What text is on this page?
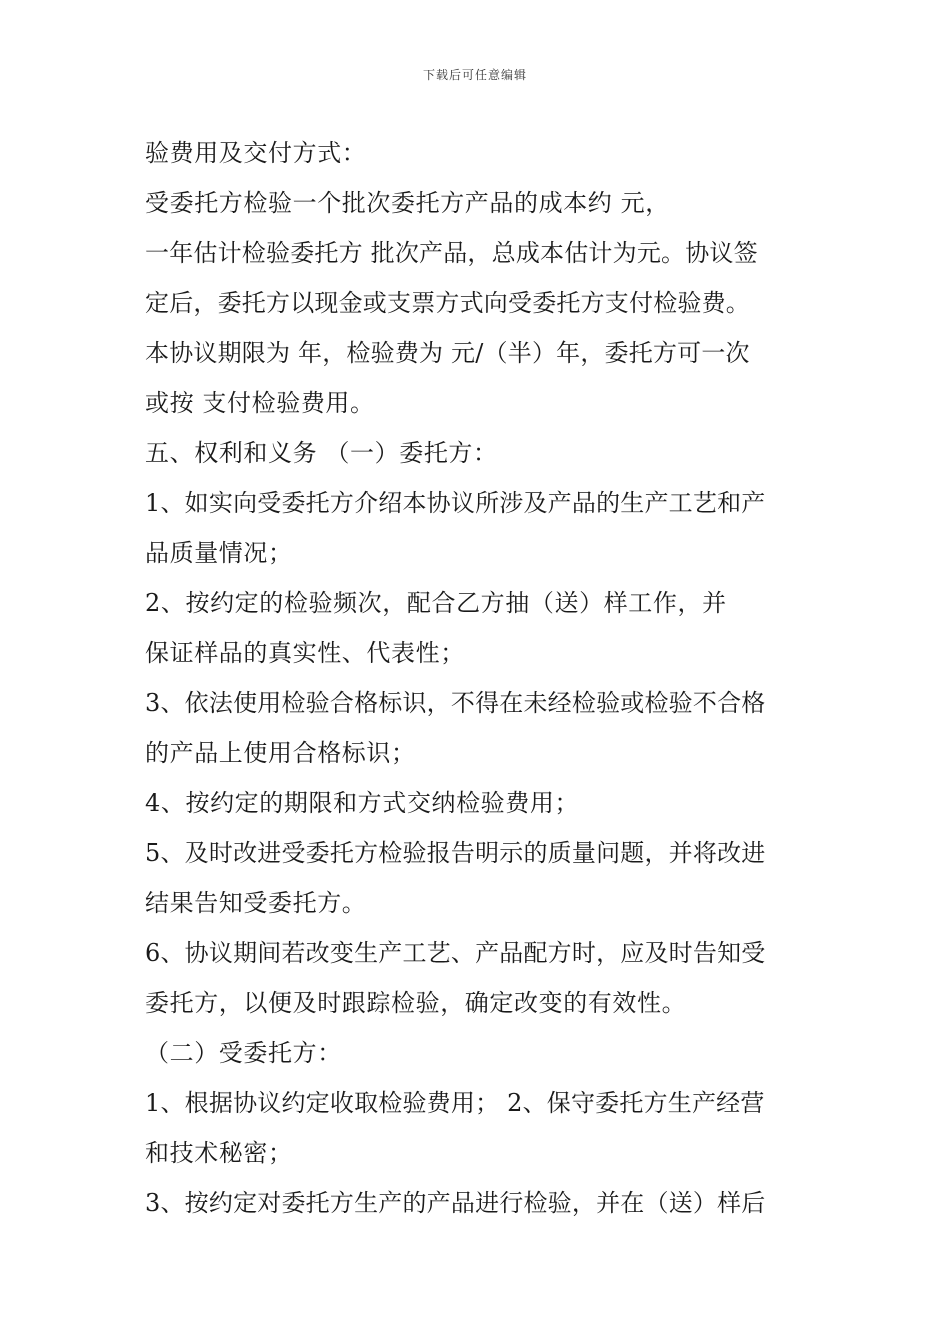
下载后可任意编辑
验费用及交付方式：
受委托方检验一个批次委托方产品的成本约 元，
一年估计检验委托方 批次产品，总成本估计为元。协议签
定后，委托方以现金或支票方式向受委托方支付检验费。
本协议期限为 年，检验费为 元/（半）年，委托方可一次
或按 支付检验费用。
五、权利和义务 （一）委托方：
1、如实向受委托方介绍本协议所涉及产品的生产工艺和产
品质量情况；
2、按约定的检验频次，配合乙方抽（送）样工作，并
保证样品的真实性、代表性；
3、依法使用检验合格标识，不得在未经检验或检验不合格
的产品上使用合格标识；
4、按约定的期限和方式交纳检验费用；
5、及时改进受委托方检验报告明示的质量问题，并将改进
结果告知受委托方。
6、协议期间若改变生产工艺、产品配方时，应及时告知受
委托方，以便及时跟踪检验，确定改变的有效性。
（二）受委托方：
1、根据协议约定收取检验费用； 2、保守委托方生产经营
和技术秘密；
3、按约定对委托方生产的产品进行检验，并在（送）样后
